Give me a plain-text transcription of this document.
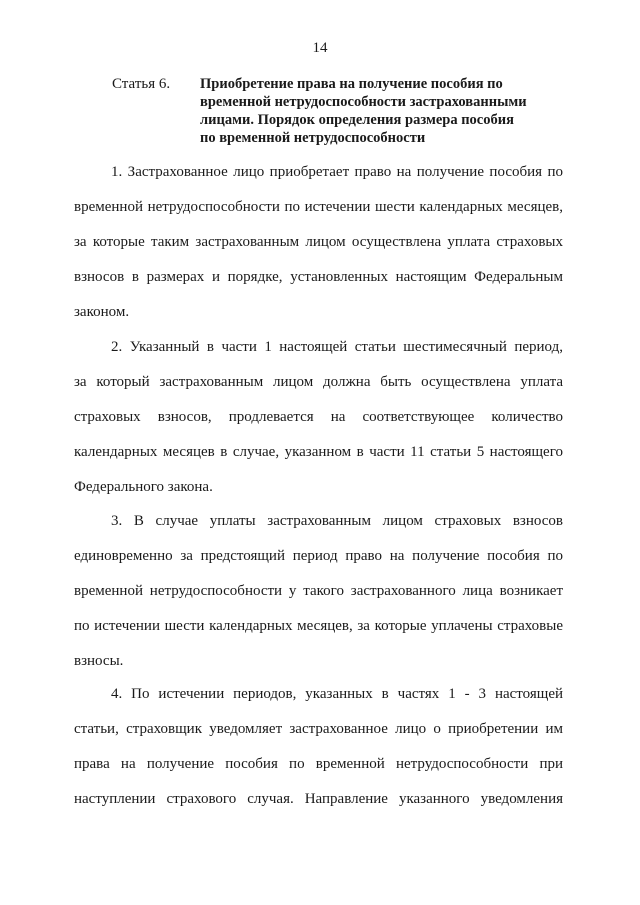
14
Статья 6.	Приобретение права на получение пособия по
временной нетрудоспособности застрахованными
лицами. Порядок определения размера пособия
по временной нетрудоспособности
1. Застрахованное лицо приобретает право на получение пособия по
временной нетрудоспособности по истечении шести календарных месяцев,
за которые таким застрахованным лицом осуществлена уплата страховых
взносов в размерах и порядке, установленных настоящим Федеральным
законом.
2. Указанный в части 1 настоящей статьи шестимесячный период,
за который застрахованным лицом должна быть осуществлена уплата
страховых взносов, продлевается на соответствующее количество
календарных месяцев в случае, указанном в части 11 статьи 5 настоящего
Федерального закона.
3. В случае уплаты застрахованным лицом страховых взносов
единовременно за предстоящий период право на получение пособия по
временной нетрудоспособности у такого застрахованного лица возникает
по истечении шести календарных месяцев, за которые уплачены страховые
взносы.
4. По истечении периодов, указанных в частях 1 - 3 настоящей
статьи, страховщик уведомляет застрахованное лицо о приобретении им
права на получение пособия по временной нетрудоспособности при
наступлении страхового случая. Направление указанного уведомления
